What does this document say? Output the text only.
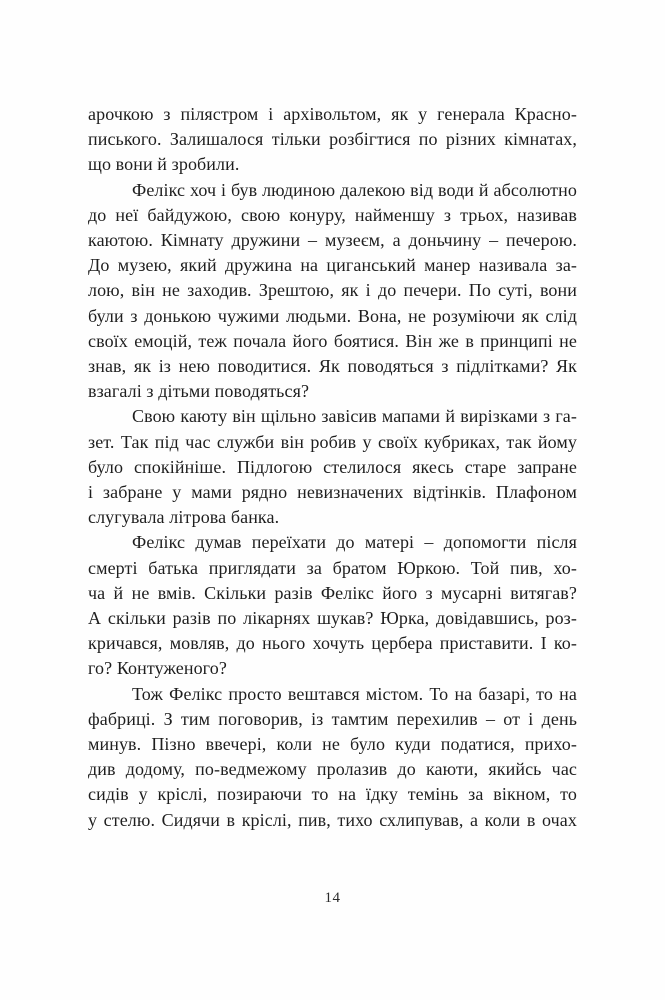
арочкою з пілястром і архівольтом, як у генерала Красно-
писького. Залишалося тільки розбігтися по різних кімнатах,
що вони й зробили.
Фелікс хоч і був людиною далекою від води й абсолютно
до неї байдужою, свою конуру, найменшу з трьох, називав
каютою. Кімнату дружини – музеєм, а доньчину – печерою.
До музею, який дружина на циганський манер називала за-
лою, він не заходив. Зрештою, як і до печери. По суті, вони
були з донькою чужими людьми. Вона, не розуміючи як слід
своїх емоцій, теж почала його боятися. Він же в принципі не
знав, як із нею поводитися. Як поводяться з підлітками? Як
взагалі з дітьми поводяться?
Свою каюту він щільно завісив мапами й вирізками з га-
зет. Так під час служби він робив у своїх кубриках, так йому
було спокійніше. Підлогою стелилося якесь старе запране
і забране у мами рядно невизначених відтінків. Плафоном
слугувала літрова банка.
Фелікс думав переїхати до матері – допомогти після
смерті батька приглядати за братом Юркою. Той пив, хо-
ча й не вмів. Скільки разів Фелікс його з мусарні витягав?
А скільки разів по лікарнях шукав? Юрка, довідавшись, роз-
кричався, мовляв, до нього хочуть цербера приставити. І ко-
го? Контуженого?
Тож Фелікс просто вештався містом. То на базарі, то на
фабриці. З тим поговорив, із тамтим перехилив – от і день
минув. Пізно ввечері, коли не було куди податися, прихо-
див додому, по-ведмежому пролазив до каюти, якийсь час
сидів у кріслі, позираючи то на їдку темінь за вікном, то
у стелю. Сидячи в кріслі, пив, тихо схлипував, а коли в очах
14
